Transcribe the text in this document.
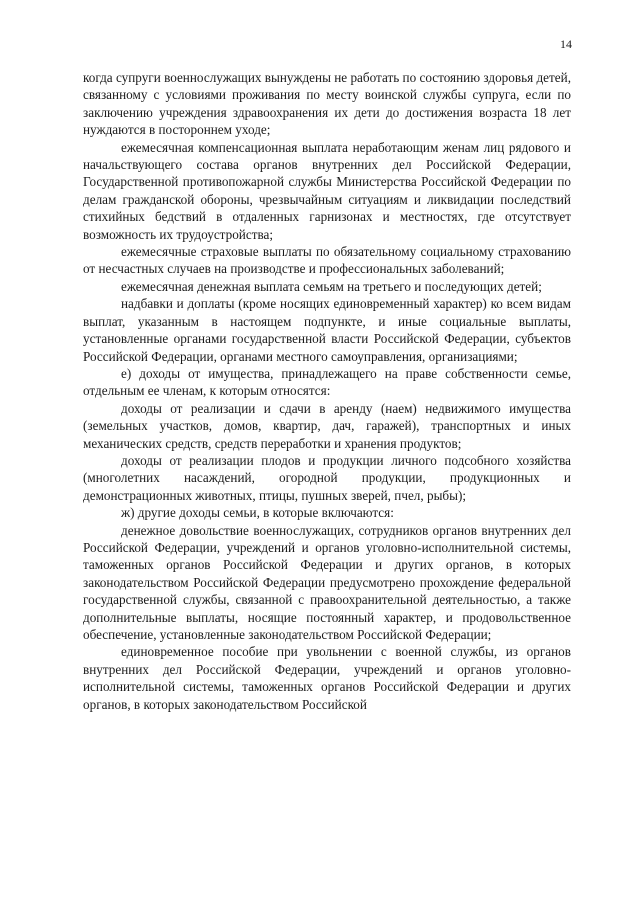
14

когда супруги военнослужащих вынуждены не работать по состоянию здоровья детей, связанному с условиями проживания по месту воинской службы супруга, если по заключению учреждения здравоохранения их дети до достижения возраста 18 лет нуждаются в постороннем уходе;

ежемесячная компенсационная выплата неработающим женам лиц рядового и начальствующего состава органов внутренних дел Российской Федерации, Государственной противопожарной службы Министерства Российской Федерации по делам гражданской обороны, чрезвычайным ситуациям и ликвидации последствий стихийных бедствий в отдаленных гарнизонах и местностях, где отсутствует возможность их трудоустройства;

ежемесячные страховые выплаты по обязательному социальному страхованию от несчастных случаев на производстве и профессиональных заболеваний;

ежемесячная денежная выплата семьям на третьего и последующих детей;

надбавки и доплаты (кроме носящих единовременный характер) ко всем видам выплат, указанным в настоящем подпункте, и иные социальные выплаты, установленные органами государственной власти Российской Федерации, субъектов Российской Федерации, органами местного самоуправления, организациями;

е) доходы от имущества, принадлежащего на праве собственности семье, отдельным ее членам, к которым относятся:

доходы от реализации и сдачи в аренду (наем) недвижимого имущества (земельных участков, домов, квартир, дач, гаражей), транспортных и иных механических средств, средств переработки и хранения продуктов;

доходы от реализации плодов и продукции личного подсобного хозяйства (многолетних насаждений, огородной продукции, продукционных и демонстрационных животных, птицы, пушных зверей, пчел, рыбы);

ж) другие доходы семьи, в которые включаются:

денежное довольствие военнослужащих, сотрудников органов внутренних дел Российской Федерации, учреждений и органов уголовно-исполнительной системы, таможенных органов Российской Федерации и других органов, в которых законодательством Российской Федерации предусмотрено прохождение федеральной государственной службы, связанной с правоохранительной деятельностью, а также дополнительные выплаты, носящие постоянный характер, и продовольственное обеспечение, установленные законодательством Российской Федерации;

единовременное пособие при увольнении с военной службы, из органов внутренних дел Российской Федерации, учреждений и органов уголовно-исполнительной системы, таможенных органов Российской Федерации и других органов, в которых законодательством Российской
